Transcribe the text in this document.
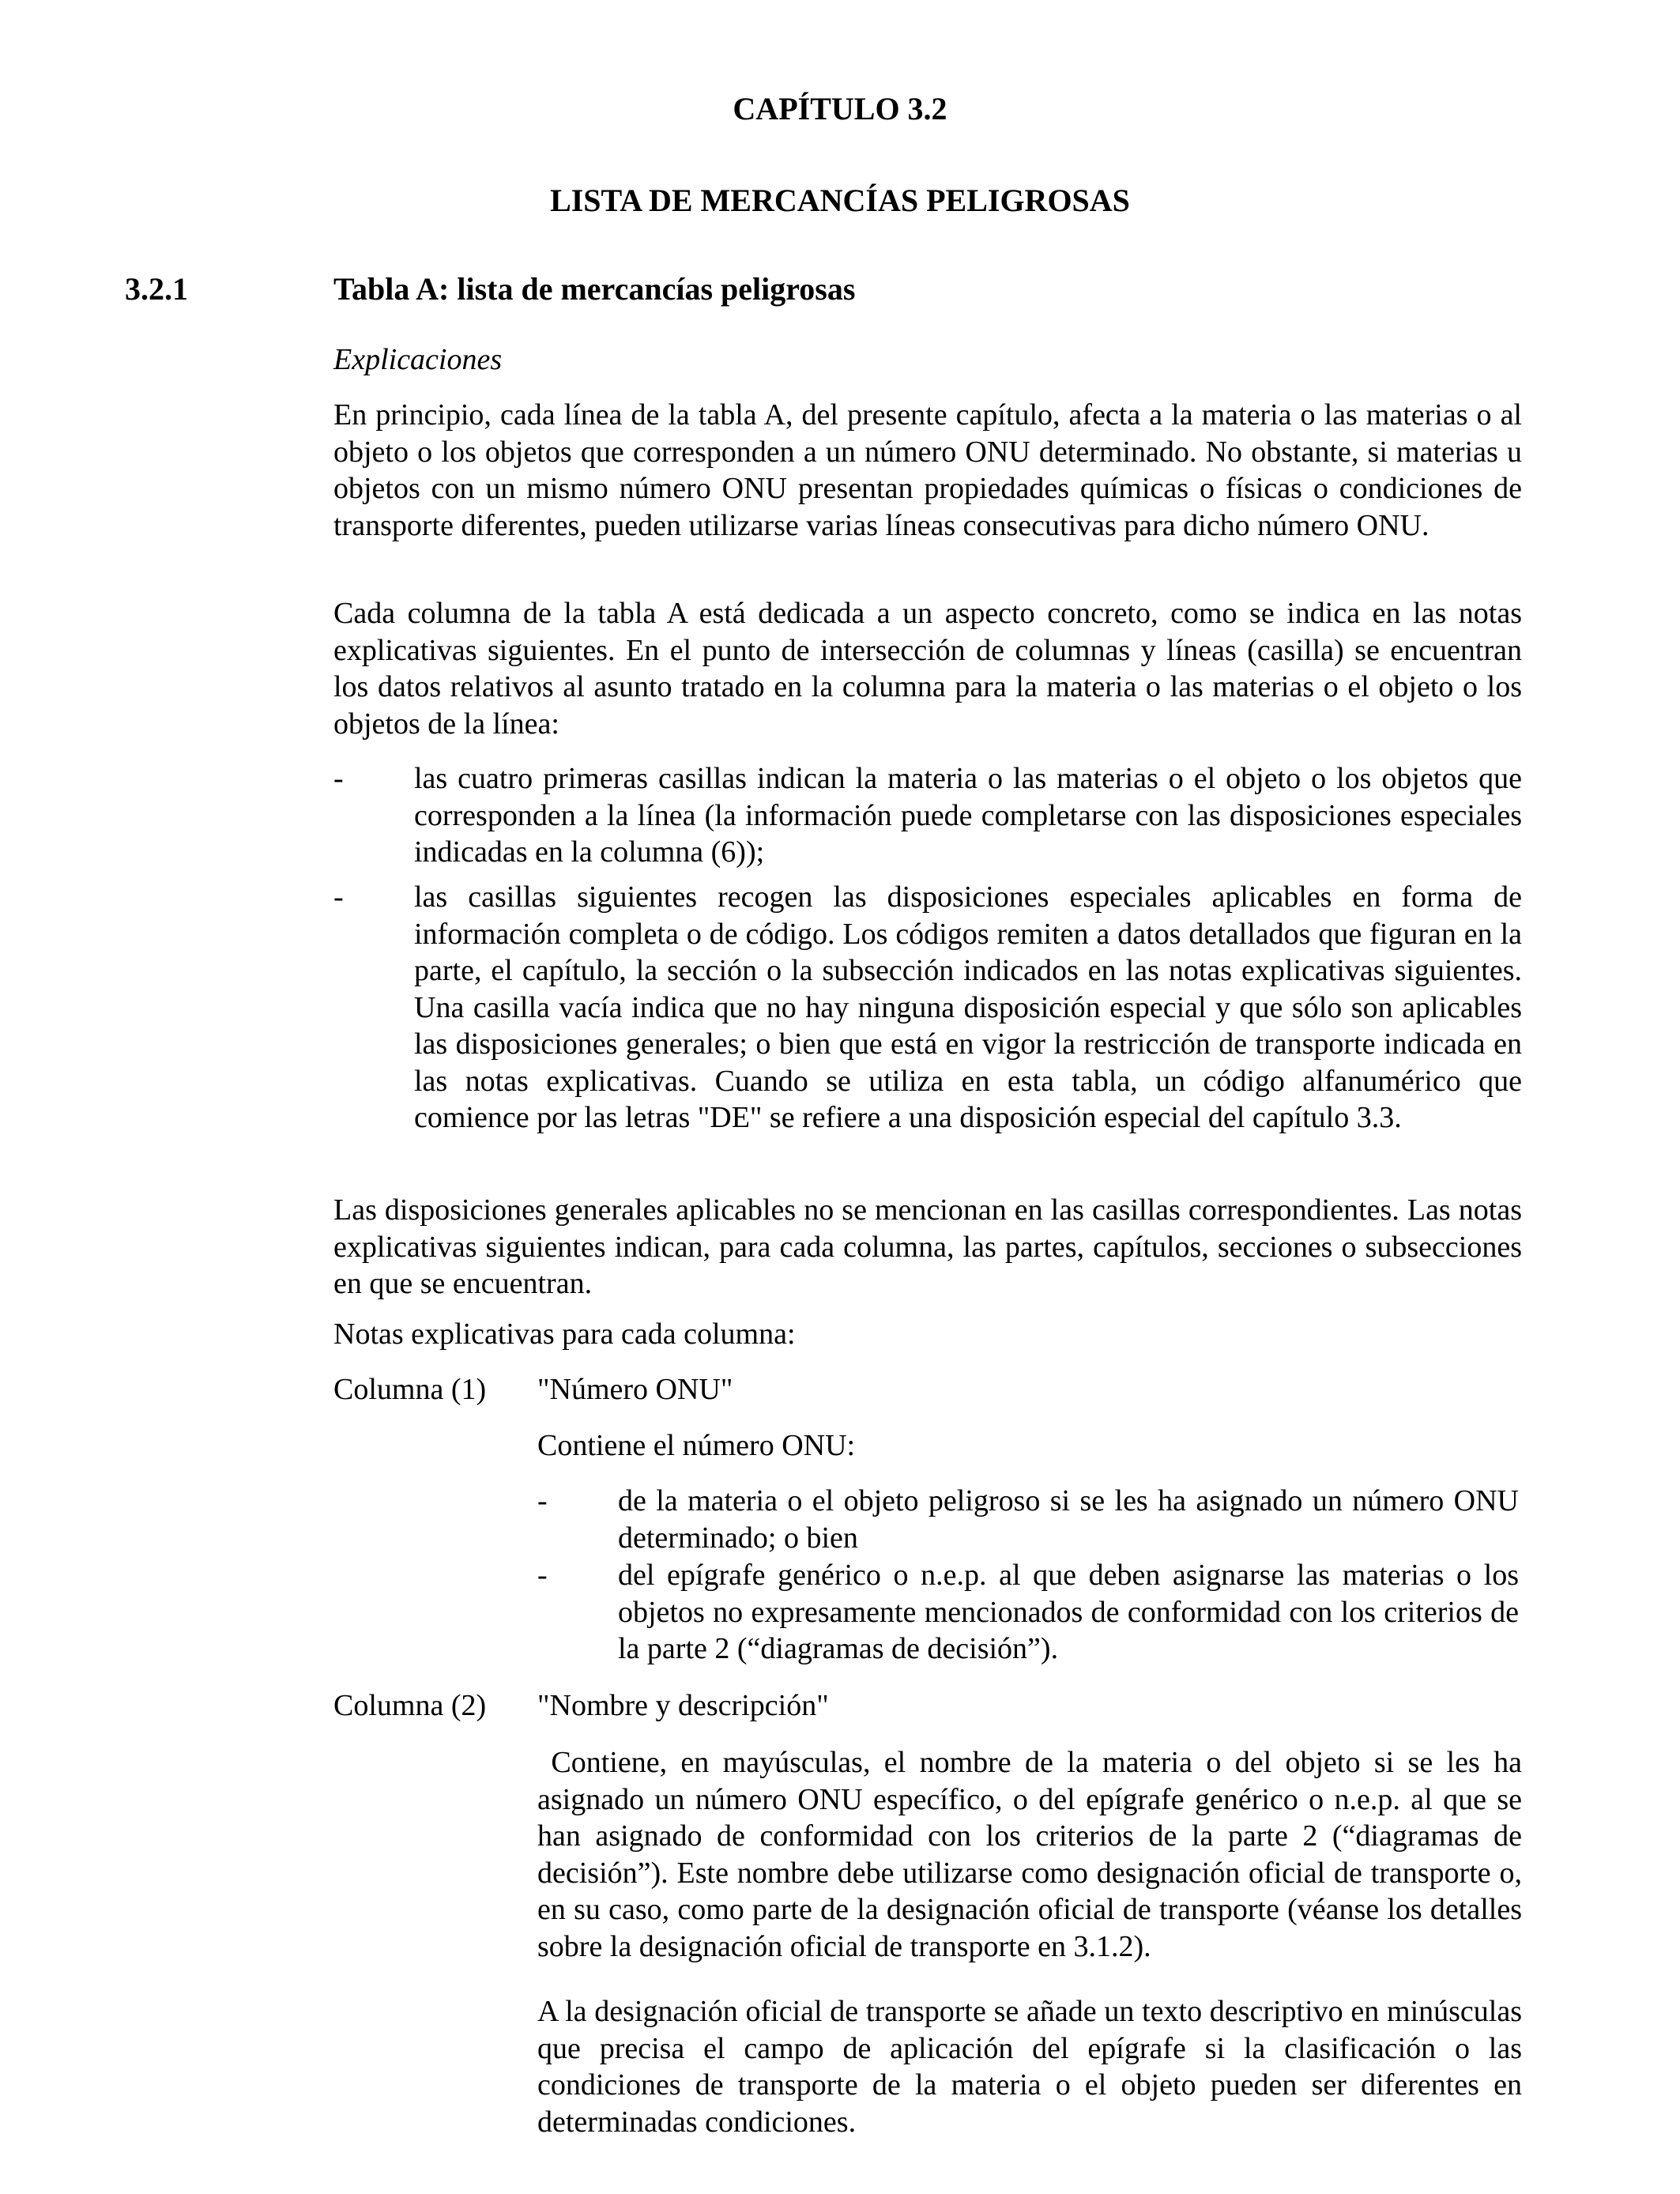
CAPÍTULO 3.2
LISTA DE MERCANCÍAS PELIGROSAS
3.2.1	Tabla A: lista de mercancías peligrosas
Explicaciones
En principio, cada línea de la tabla A, del presente capítulo, afecta a la materia o las materias o al objeto o los objetos que corresponden a un número ONU determinado. No obstante, si materias u objetos con un mismo número ONU presentan propiedades químicas o físicas o condiciones de transporte diferentes, pueden utilizarse varias líneas consecutivas para dicho número ONU.
Cada columna de la tabla A está dedicada a un aspecto concreto, como se indica en las notas explicativas siguientes. En el punto de intersección de columnas y líneas (casilla) se encuentran los datos relativos al asunto tratado en la columna para la materia o las materias o el objeto o los objetos de la línea:
- las cuatro primeras casillas indican la materia o las materias o el objeto o los objetos que corresponden a la línea (la información puede completarse con las disposiciones especiales indicadas en la columna (6));
- las casillas siguientes recogen las disposiciones especiales aplicables en forma de información completa o de código. Los códigos remiten a datos detallados que figuran en la parte, el capítulo, la sección o la subsección indicados en las notas explicativas siguientes. Una casilla vacía indica que no hay ninguna disposición especial y que sólo son aplicables las disposiciones generales; o bien que está en vigor la restricción de transporte indicada en las notas explicativas. Cuando se utiliza en esta tabla, un código alfanumérico que comience por las letras "DE" se refiere a una disposición especial del capítulo 3.3.
Las disposiciones generales aplicables no se mencionan en las casillas correspondientes. Las notas explicativas siguientes indican, para cada columna, las partes, capítulos, secciones o subsecciones en que se encuentran.
Notas explicativas para cada columna:
Columna (1) "Número ONU"
Contiene el número ONU:
- de la materia o el objeto peligroso si se les ha asignado un número ONU determinado; o bien
- del epígrafe genérico o n.e.p. al que deben asignarse las materias o los objetos no expresamente mencionados de conformidad con los criterios de la parte 2 (“diagramas de decisión”).
Columna (2) "Nombre y descripción"
Contiene, en mayúsculas, el nombre de la materia o del objeto si se les ha asignado un número ONU específico, o del epígrafe genérico o n.e.p. al que se han asignado de conformidad con los criterios de la parte 2 (“diagramas de decisión”). Este nombre debe utilizarse como designación oficial de transporte o, en su caso, como parte de la designación oficial de transporte (véanse los detalles sobre la designación oficial de transporte en 3.1.2).
A la designación oficial de transporte se añade un texto descriptivo en minúsculas que precisa el campo de aplicación del epígrafe si la clasificación o las condiciones de transporte de la materia o el objeto pueden ser diferentes en determinadas condiciones.
